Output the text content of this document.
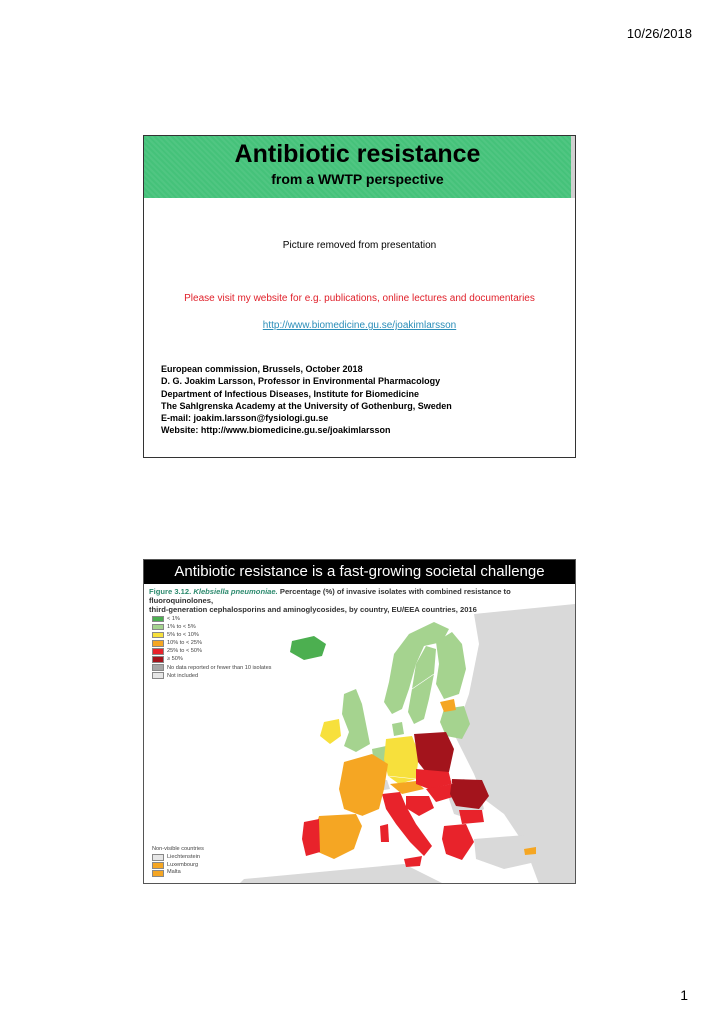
10/26/2018
Antibiotic resistance
from a WWTP perspective
Picture removed from presentation
Please visit my website for e.g. publications, online lectures and documentaries
http://www.biomedicine.gu.se/joakimlarsson
European commission, Brussels, October 2018
D. G. Joakim Larsson, Professor in Environmental Pharmacology
Department of Infectious Diseases, Institute for Biomedicine
The Sahlgrenska Academy at the University of Gothenburg, Sweden
E-mail: joakim.larsson@fysiologi.gu.se
Website: http://www.biomedicine.gu.se/joakimlarsson
Antibiotic resistance is a fast-growing societal challenge
Figure 3.12. Klebsiella pneumoniae. Percentage (%) of invasive isolates with combined resistance to fluoroquinolones,
third-generation cephalosporins and aminoglycosides, by country, EU/EEA countries, 2016
< 1%
1% to < 5%
5% to < 10%
10% to < 25%
25% to < 50%
≥ 50%
No data reported or fewer than 10 isolates
Not included
Non-visible countries
Liechtenstein
Luxembourg
Malta
1
